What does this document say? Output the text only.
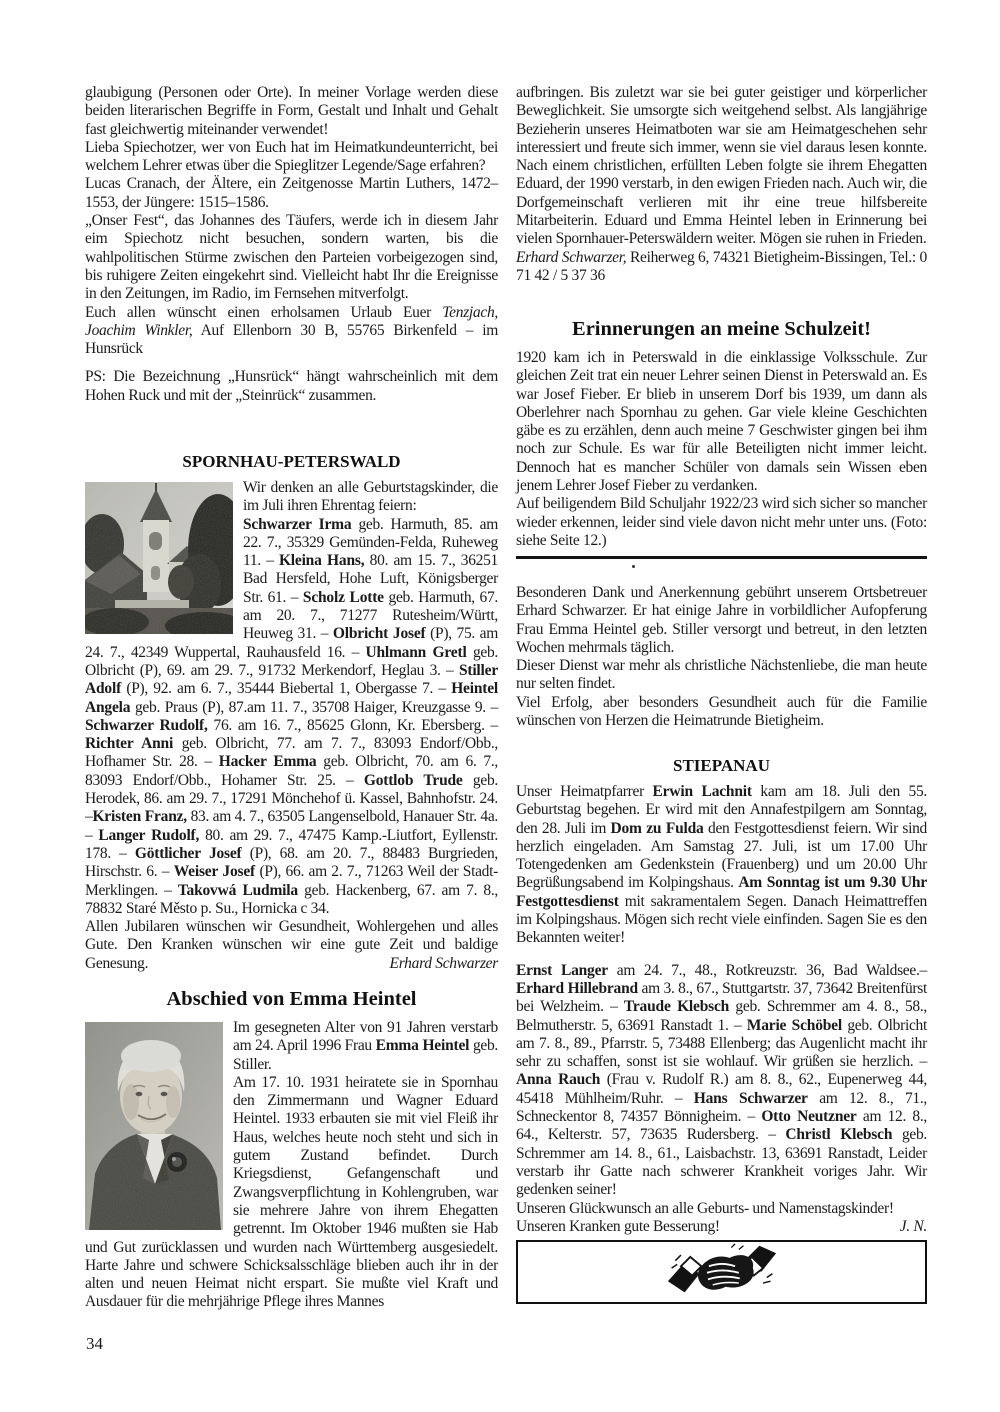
glaubigung (Personen oder Orte). In meiner Vorlage werden diese beiden literarischen Begriffe in Form, Gestalt und Inhalt und Gehalt fast gleichwertig miteinander verwendet!

Lieba Spiechotzer, wer von Euch hat im Heimatkundeunterricht, bei welchem Lehrer etwas über die Spieglitzer Legende/Sage erfahren?

Lucas Cranach, der Ältere, ein Zeitgenosse Martin Luthers, 1472–1553, der Jüngere: 1515–1586.

„Onser Fest“, das Johannes des Täufers, werde ich in diesem Jahr eim Spiechotz nicht besuchen, sondern warten, bis die wahlpolitischen Stürme zwischen den Parteien vorbeigezogen sind, bis ruhigere Zeiten eingekehrt sind. Vielleicht habt Ihr die Ereignisse in den Zeitungen, im Radio, im Fernsehen mitverfolgt.

Euch allen wünscht einen erholsamen Urlaub Euer Tenzjach, Joachim Winkler, Auf Ellenborn 30 B, 55765 Birkenfeld – im Hunsrück

PS: Die Bezeichnung „Hunsrück“ hängt wahrscheinlich mit dem Hohen Ruck und mit der „Steinrück“ zusammen.

SPORNHAU-PETERSWALD

Wir denken an alle Geburtstagskinder, die im Juli ihren Ehrentag feiern:
Schwarzer Irma geb. Harmuth, 85. am 22. 7., 35329 Gemünden-Felda, Ruheweg 11. – Kleina Hans, 80. am 15. 7., 36251 Bad Hersfeld, Hohe Luft, Königsberger Str. 61. – Scholz Lotte geb. Harmuth, 67. am 20. 7., 71277 Rutesheim/Württ, Heuweg 31. – Olbricht Josef (P), 75. am 24. 7., 42349 Wuppertal, Rauhausfeld 16. – Uhlmann Gretl geb. Olbricht (P), 69. am 29. 7., 91732 Merkendorf, Heglau 3. – Stiller Adolf (P), 92. am 6. 7., 35444 Biebertal 1, Obergasse 7. – Heintel Angela geb. Praus (P), 87.am 11. 7., 35708 Haiger, Kreuzgasse 9. – Schwarzer Rudolf, 76. am 16. 7., 85625 Glonn, Kr. Ebersberg. – Richter Anni geb. Olbricht, 77. am 7. 7., 83093 Endorf/Obb., Hofhamer Str. 28. – Hacker Emma geb. Olbricht, 70. am 6. 7., 83093 Endorf/Obb., Hohamer Str. 25. – Gottlob Trude geb. Herodek, 86. am 29. 7., 17291 Mönchehof ü. Kassel, Bahnhofstr. 24. –Kristen Franz, 83. am 4. 7., 63505 Langenselbold, Hanauer Str. 4a. – Langer Rudolf, 80. am 29. 7., 47475 Kamp.-Liutfort, Eyllenstr. 178. – Göttlicher Josef (P), 68. am 20. 7., 88483 Burgrieden, Hirschstr. 6. – Weiser Josef (P), 66. am 2. 7., 71263 Weil der Stadt-Merklingen. – Takovwá Ludmila geb. Hackenberg, 67. am 7. 8., 78832 Staré Město p. Su., Hornicka c 34.
Allen Jubilaren wünschen wir Gesundheit, Wohlergehen und alles Gute. Den Kranken wünschen wir eine gute Zeit und baldige Genesung.	Erhard Schwarzer

Abschied von Emma Heintel

Im gesegneten Alter von 91 Jahren verstarb am 24. April 1996 Frau Emma Heintel geb. Stiller.
Am 17. 10. 1931 heiratete sie in Spornhau den Zimmermann und Wagner Eduard Heintel. 1933 erbauten sie mit viel Fleiß ihr Haus, welches heute noch steht und sich in gutem Zustand befindet. Durch Kriegsdienst, Gefangenschaft und Zwangsverpflichtung in Kohlengruben, war sie mehrere Jahre von ihrem Ehegatten getrennt. Im Oktober 1946 mußten sie Hab und Gut zurücklassen und wurden nach Württemberg ausgesiedelt. Harte Jahre und schwere Schicksalsschläge blieben auch ihr in der alten und neuen Heimat nicht erspart. Sie mußte viel Kraft und Ausdauer für die mehrjährige Pflege ihres Mannes

34

aufbringen. Bis zuletzt war sie bei guter geistiger und körperlicher Beweglichkeit. Sie umsorgte sich weitgehend selbst. Als langjährige Bezieherin unseres Heimatboten war sie am Heimatgeschehen sehr interessiert und freute sich immer, wenn sie viel daraus lesen konnte. Nach einem christlichen, erfüllten Leben folgte sie ihrem Ehegatten Eduard, der 1990 verstarb, in den ewigen Frieden nach. Auch wir, die Dorfgemeinschaft verlieren mit ihr eine treue hilfsbereite Mitarbeiterin. Eduard und Emma Heintel leben in Erinnerung bei vielen Spornhauer-Peterswäldern weiter. Mögen sie ruhen in Frieden.

Erhard Schwarzer, Reiherweg 6, 74321 Bietigheim-Bissingen, Tel.: 0 71 42 / 5 37 36

Erinnerungen an meine Schulzeit!

1920 kam ich in Peterswald in die einklassige Volksschule. Zur gleichen Zeit trat ein neuer Lehrer seinen Dienst in Peterswald an. Es war Josef Fieber. Er blieb in unserem Dorf bis 1939, um dann als Oberlehrer nach Spornhau zu gehen. Gar viele kleine Geschichten gäbe es zu erzählen, denn auch meine 7 Geschwister gingen bei ihm noch zur Schule. Es war für alle Beteiligten nicht immer leicht. Dennoch hat es mancher Schüler von damals sein Wissen eben jenem Lehrer Josef Fieber zu verdanken.

Auf beiligendem Bild Schuljahr 1922/23 wird sich sicher so mancher wieder erkennen, leider sind viele davon nicht mehr unter uns. (Foto: siehe Seite 12.)

Besonderen Dank und Anerkennung gebührt unserem Ortsbetreuer Erhard Schwarzer. Er hat einige Jahre in vorbildlicher Aufopferung Frau Emma Heintel geb. Stiller versorgt und betreut, in den letzten Wochen mehrmals täglich.

Dieser Dienst war mehr als christliche Nächstenliebe, die man heute nur selten findet.

Viel Erfolg, aber besonders Gesundheit auch für die Familie wünschen von Herzen die Heimatrunde Bietigheim.

STIEPANAU

Unser Heimatpfarrer Erwin Lachnit kam am 18. Juli den 55. Geburtstag begehen. Er wird mit den Annafestpilgern am Sonntag, den 28. Juli im Dom zu Fulda den Festgottesdienst feiern. Wir sind herzlich eingeladen. Am Samstag 27. Juli, ist um 17.00 Uhr Totengedenken am Gedenkstein (Frauenberg) und um 20.00 Uhr Begrüßungsabend im Kolpingshaus. Am Sonntag ist um 9.30 Uhr Festgottesdienst mit sakramentalem Segen. Danach Heimattreffen im Kolpingshaus. Mögen sich recht viele einfinden. Sagen Sie es den Bekannten weiter!

Ernst Langer am 24. 7., 48., Rotkreuzstr. 36, Bad Waldsee.– Erhard Hillebrand am 3. 8., 67., Stuttgartstr. 37, 73642 Breitenfürst bei Welzheim. – Traude Klebsch geb. Schremmer am 4. 8., 58., Belmutherstr. 5, 63691 Ranstadt 1. – Marie Schöbel geb. Olbricht am 7. 8., 89., Pfarrstr. 5, 73488 Ellenberg; das Augenlicht macht ihr sehr zu schaffen, sonst ist sie wohlauf. Wir grüßen sie herzlich. – Anna Rauch (Frau v. Rudolf R.) am 8. 8., 62., Eupenerweg 44, 45418 Mühlheim/Ruhr. – Hans Schwarzer am 12. 8., 71., Schneckentor 8, 74357 Bönnigheim. – Otto Neutzner am 12. 8., 64., Kelterstr. 57, 73635 Rudersberg. – Christl Klebsch geb. Schremmer am 14. 8., 61., Laisbachstr. 13, 63691 Ranstadt, Leider verstarb ihr Gatte nach schwerer Krankheit voriges Jahr. Wir gedenken seiner!
Unseren Glückwunsch an alle Geburts- und Namenstagskinder!
Unseren Kranken gute Besserung!	J. N.
